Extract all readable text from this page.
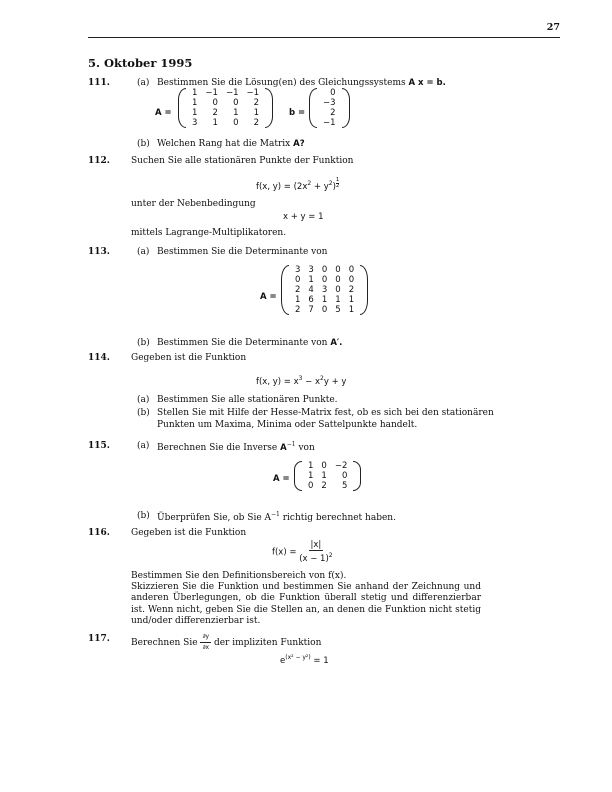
27
5. Oktober 1995
111.	(a) Bestimmen Sie die Lösung(en) des Gleichungssystems A x = b.
A =
1 −1 −1 −1
1	0	0	2
1	2	1	1
3	1	0	2
b =
0
−3
2
−1
(b) Welchen Rang hat die Matrix A?
112. Suchen Sie alle stationären Punkte der Funktion
f(x, $y) = (2x^2 + y^2)$ $^{\frac{1}{2}}$
unter der Nebenbedingung
x + y = 1
mittels Lagrange-Multiplikatoren.
113.	(a) Bestimmen Sie die Determinante von
A =
3 3 0 0 0
0 1 0 0 0
2 4 3 0 2
1 6 1 1 1
2 7 0 5 1
(b) Bestimmen Sie die Determinante von A′.
114. Gegeben ist die Funktion
f(x, $y) = x^3 - x^2y + y$
(a) Bestimmen Sie alle stationären Punkte.
(b) Stellen Sie mit Hilfe der Hesse-Matrix fest, ob es sich bei den stationären
Punkten um Maxima, Minima oder Sattelpunkte handelt.
115.	(a) Berechnen Sie die Inverse $A^{-1}$ von
A =
1 0 −2
1 1	0
0 2	5
(b) Überprüfen Sie, ob Sie $A^{-1}$ richtig berechnet haben.
116. Gegeben ist die Funktion
$f(x) = \frac{|x|}{(x - 1)^2}$
Bestimmen Sie den Definitionsbereich von f(x).
Skizzieren Sie die Funktion und bestimmen Sie anhand der Zeichnung und anderen Überlegungen, ob die Funktion überall stetig und differenzierbar ist. Wenn nicht, geben Sie die Stellen an, an denen die Funktion nicht stetig und/oder differenzierbar ist.
117. Berechnen Sie $\frac{\partial y}{\partial x}$ der impliziten Funktion
$e^{(x^2 - y^2)} = 1$
